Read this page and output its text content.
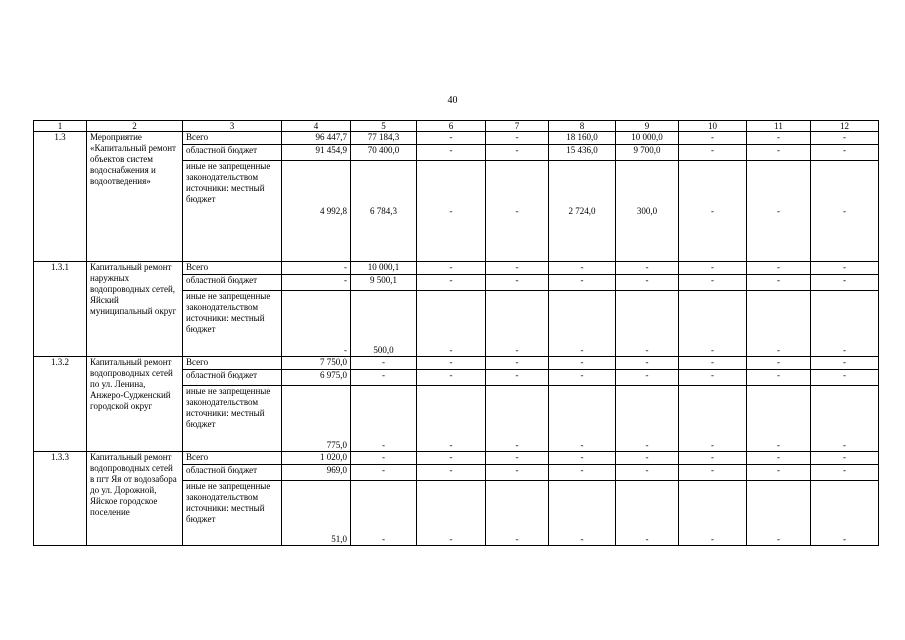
40
1	2	3	4	5	6	7	8	9	10	11	12
1.3	Мероприятие «Капитальный ремонт объектов систем водоснабжения и водоотведения»	Всего	96 447,7	77 184,3	-	-	18 160,0	10 000,0	-	-	-
		областной бюджет	91 454,9	70 400,0	-	-	15 436,0	9 700,0	-	-	-
		иные не запрещенные законодательством источники: местный бюджет	4 992,8	6 784,3	-	-	2 724,0	300,0	-	-	-
1.3.1	Капитальный ремонт наружных водопроводных сетей, Яйский муниципальный округ	Всего	-	10 000,1	-	-	-	-	-	-	-
		областной бюджет	-	9 500,1	-	-	-	-	-	-	-
		иные не запрещенные законодательством источники: местный бюджет	-	500,0	-	-	-	-	-	-	-
1.3.2	Капитальный ремонт водопроводных сетей по ул. Ленина, Анжеро-Судженский городской округ	Всего	7 750,0	-	-	-	-	-	-	-	-
		областной бюджет	6 975,0	-	-	-	-	-	-	-	-
		иные не запрещенные законодательством источники: местный бюджет	775,0	-	-	-	-	-	-	-	-
1.3.3	Капитальный ремонт водопроводных сетей в пгт Яя от водозабора до ул. Дорожной, Яйское городское поселение	Всего	1 020,0	-	-	-	-	-	-	-	-
		областной бюджет	969,0	-	-	-	-	-	-	-	-
		иные не запрещенные законодательством источники: местный бюджет	51,0	-	-	-	-	-	-	-	-
